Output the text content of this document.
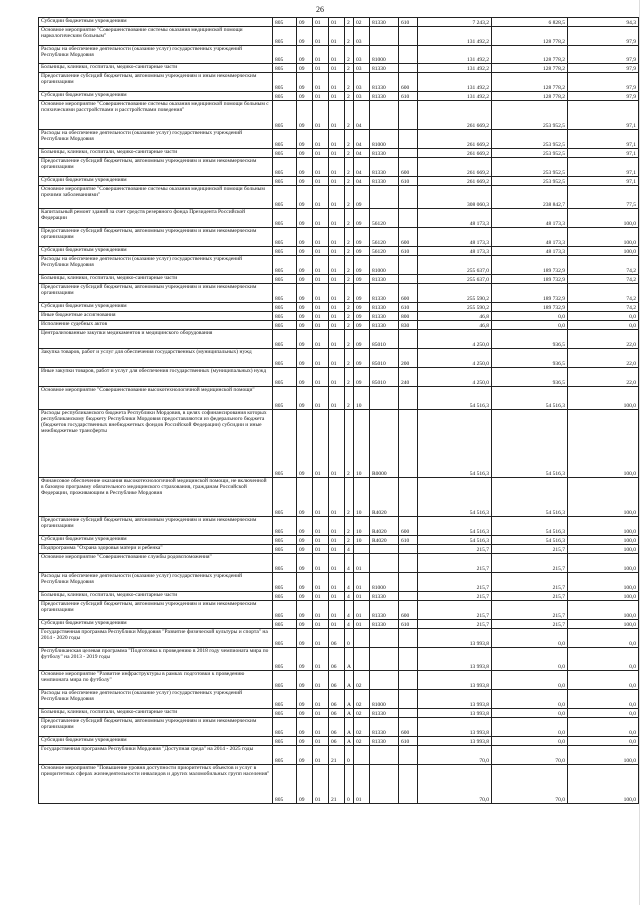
26
Субсидии бюджетным учреждениям	805	09	01	01	2	02	81330	610	7 243,2	6 828,5	94,3
Основное мероприятие "Совершенствование системы оказания медицинской помощи наркологическим больным"	805	09	01	01	2	03			131 492,2	128 778,2	97,9
Расходы на обеспечение деятельности (оказание услуг) государственных учреждений Республики Мордовия	805	09	01	01	2	03	81000		131 492,2	128 778,2	97,9
Больницы, клиники, госпитали, медико-санитарные части	805	09	01	01	2	03	81330		131 492,2	128 778,2	97,9
Предоставление субсидий бюджетным, автономным учреждениям и иным некоммерческим организациям	805	09	01	01	2	03	81330	600	131 492,2	128 778,2	97,9
Субсидии бюджетным учреждениям	805	09	01	01	2	03	81330	610	131 492,2	128 778,2	97,9
Основное мероприятие "Совершенствование системы оказания медицинской помощи больным с психическими расстройствами и расстройствами поведения"	805	09	01	01	2	04			261 669,2	253 952,5	97,1
Расходы на обеспечение деятельности (оказание услуг) государственных учреждений Республики Мордовия	805	09	01	01	2	04	81000		261 669,2	253 952,5	97,1
Больницы, клиники, госпитали, медико-санитарные части	805	09	01	01	2	04	81330		261 669,2	253 952,5	97,1
Предоставление субсидий бюджетным, автономным учреждениям и иным некоммерческим организациям	805	09	01	01	2	04	81330	600	261 669,2	253 952,5	97,1
Субсидии бюджетным учреждениям	805	09	01	01	2	04	81330	610	261 669,2	253 952,5	97,1
Основное мероприятие "Совершенствование системы оказания медицинской помощи больным прочими заболеваниями"	805	09	01	01	2	09			308 060,3	238 842,7	77,5
Капитальный ремонт зданий за счет средств резервного фонда Президента Российской Федерации	805	09	01	01	2	09	56120		48 173,3	48 173,3	100,0
Предоставление субсидий бюджетным, автономным учреждениям и иным некоммерческим организациям	805	09	01	01	2	09	56120	600	48 173,3	48 173,3	100,0
Субсидии бюджетным учреждениям	805	09	01	01	2	09	56120	610	48 173,3	48 173,3	100,0
Расходы на обеспечение деятельности (оказание услуг) государственных учреждений Республики Мордовия	805	09	01	01	2	09	81000		255 637,0	189 732,9	74,2
Больницы, клиники, госпитали, медико-санитарные части	805	09	01	01	2	09	81330		255 637,0	189 732,9	74,2
Предоставление субсидий бюджетным, автономным учреждениям и иным некоммерческим организациям	805	09	01	01	2	09	81330	600	255 590,2	189 732,9	74,2
Субсидии бюджетным учреждениям	805	09	01	01	2	09	81330	610	255 590,2	189 732,9	74,2
Иные бюджетные ассигнования	805	09	01	01	2	09	81330	800	46,8	0,0	0,0
Исполнение судебных актов	805	09	01	01	2	09	81330	830	46,8	0,0	0,0
Централизованные закупки медикаментов и медицинского оборудования	805	09	01	01	2	09	85010		4 250,0	936,5	22,0
Закупка товаров, работ и услуг для обеспечения государственных (муниципальных) нужд	805	09	01	01	2	09	85010	200	4 250,0	936,5	22,0
Иные закупки товаров, работ и услуг для обеспечения государственных (муниципальных) нужд	805	09	01	01	2	09	85010	240	4 250,0	936,5	22,0
Основное мероприятие "Совершенствование высокотехнологичной медицинской помощи"	805	09	01	01	2	10			54 516,3	54 516,3	100,0
Расходы республиканского бюджета Республики Мордовия, в целях софинансирования которых республиканскому бюджету Республики Мордовия предоставляются из федерального бюджета (бюджетов государственных внебюджетных фондов Российской Федерации) субсидии и иные межбюджетные трансферты	805	09	01	01	2	10	R0000		54 516,3	54 516,3	100,0
Финансовое обеспечение оказания высокотехнологичной медицинской помощи, не включенной в базовую программу обязательного медицинского страхования, гражданам Российской Федерации, проживающим в Республике Мордовия	805	09	01	01	2	10	R4020		54 516,3	54 516,3	100,0
Предоставление субсидий бюджетным, автономным учреждениям и иным некоммерческим организациям	805	09	01	01	2	10	R4020	600	54 516,3	54 516,3	100,0
Субсидии бюджетным учреждениям	805	09	01	01	2	10	R4020	610	54 516,3	54 516,3	100,0
Подпрограмма "Охрана здоровья матери и ребенка"	805	09	01	01	4				215,7	215,7	100,0
Основное мероприятие "Совершенствование службы родовспоможения"	805	09	01	01	4	01			215,7	215,7	100,0
Расходы на обеспечение деятельности (оказание услуг) государственных учреждений Республики Мордовия	805	09	01	01	4	01	81000		215,7	215,7	100,0
Больницы, клиники, госпитали, медико-санитарные части	805	09	01	01	4	01	81330		215,7	215,7	100,0
Предоставление субсидий бюджетным, автономным учреждениям и иным некоммерческим организациям	805	09	01	01	4	01	81330	600	215,7	215,7	100,0
Субсидии бюджетным учреждениям	805	09	01	01	4	01	81330	610	215,7	215,7	100,0
Государственная программа Республики Мордовия "Развитие физической культуры и спорта" на 2014 - 2020 годы	805	09	01	06	0				13 993,8	0,0	0,0
Республиканская целевая программа "Подготовка к проведению в 2018 году чемпионата мира по футболу" на 2013 - 2019 годы	805	09	01	06	А				13 993,8	0,0	0,0
Основное мероприятие "Развитие инфраструктуры в рамках подготовки к проведению чемпионата мира по футболу"	805	09	01	06	А	02			13 993,8	0,0	0,0
Расходы на обеспечение деятельности (оказание услуг) государственных учреждений Республики Мордовия	805	09	01	06	А	02	81000		13 993,8	0,0	0,0
Больницы, клиники, госпитали, медико-санитарные части	805	09	01	06	А	02	81330		13 993,8	0,0	0,0
Предоставление субсидий бюджетным, автономным учреждениям и иным некоммерческим организациям	805	09	01	06	А	02	81330	600	13 993,8	0,0	0,0
Субсидии бюджетным учреждениям	805	09	01	06	А	02	81330	610	13 993,8	0,0	0,0
Государственная программа Республики Мордовия "Доступная среда" на 2014 - 2025 годы	805	09	01	21	0				70,0	70,0	100,0
Основное мероприятие "Повышение уровня доступности приоритетных объектов и услуг в приоритетных сферах жизнедеятельности инвалидов и других маломобильных групп населения"	805	09	01	21	0	01			70,0	70,0	100,0
